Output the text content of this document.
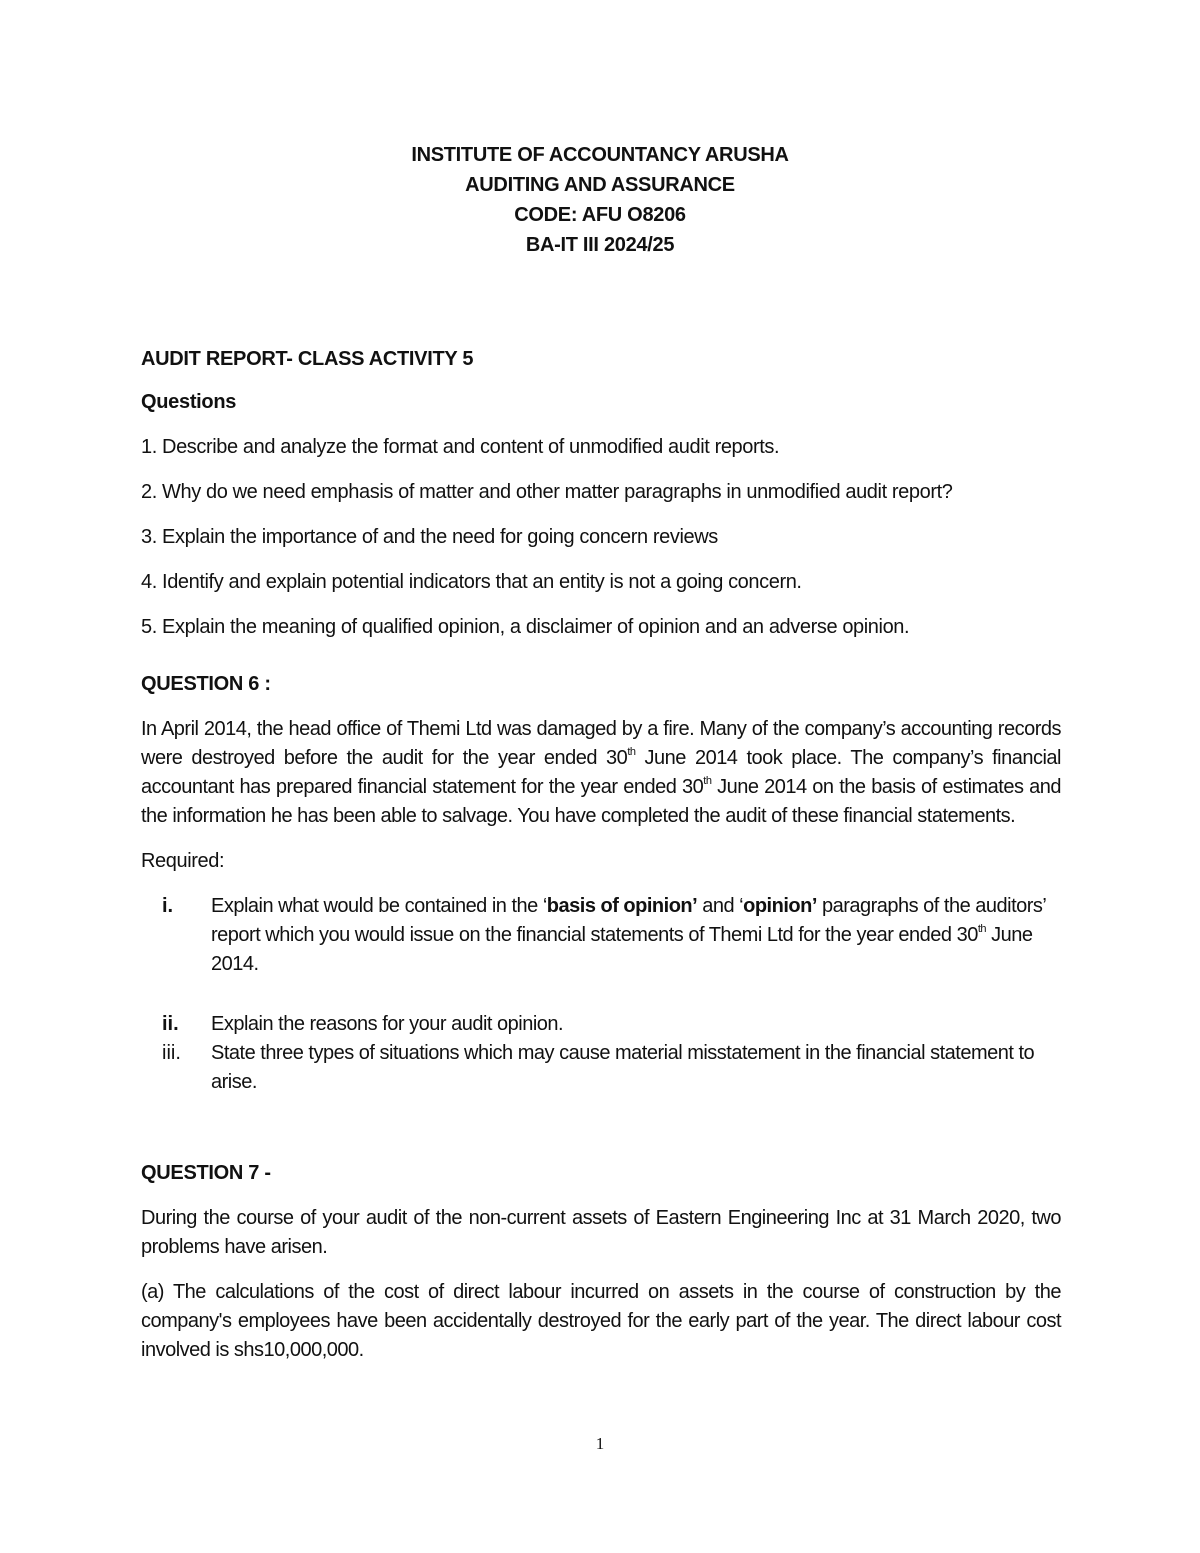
INSTITUTE OF ACCOUNTANCY ARUSHA
AUDITING AND ASSURANCE
CODE: AFU O8206
BA-IT III 2024/25

AUDIT REPORT- CLASS ACTIVITY 5

Questions

1. Describe and analyze the format and content of unmodified audit reports.

2. Why do we need emphasis of matter and other matter paragraphs in unmodified audit report?

3. Explain the importance of and the need for going concern reviews

4. Identify and explain potential indicators that an entity is not a going concern.

5. Explain the meaning of qualified opinion, a disclaimer of opinion and an adverse opinion.

QUESTION 6 :

In April 2014, the head office of Themi Ltd was damaged by a fire. Many of the company’s accounting records were destroyed before the audit for the year ended 30th June 2014 took place. The company’s financial accountant has prepared financial statement for the year ended 30th June 2014 on the basis of estimates and the information he has been able to salvage. You have completed the audit of these financial statements.

Required:

i.	Explain what would be contained in the ‘basis of opinion’ and ‘opinion’ paragraphs of the auditors’ report which you would issue on the financial statements of Themi Ltd for the year ended 30th June 2014.
ii.	Explain the reasons for your audit opinion.
iii.	State three types of situations which may cause material misstatement in the financial statement to arise.

QUESTION 7 -

During the course of your audit of the non-current assets of Eastern Engineering Inc at 31 March 2020, two problems have arisen.

(a) The calculations of the cost of direct labour incurred on assets in the course of construction by the company's employees have been accidentally destroyed for the early part of the year. The direct labour cost involved is shs10,000,000.

1
